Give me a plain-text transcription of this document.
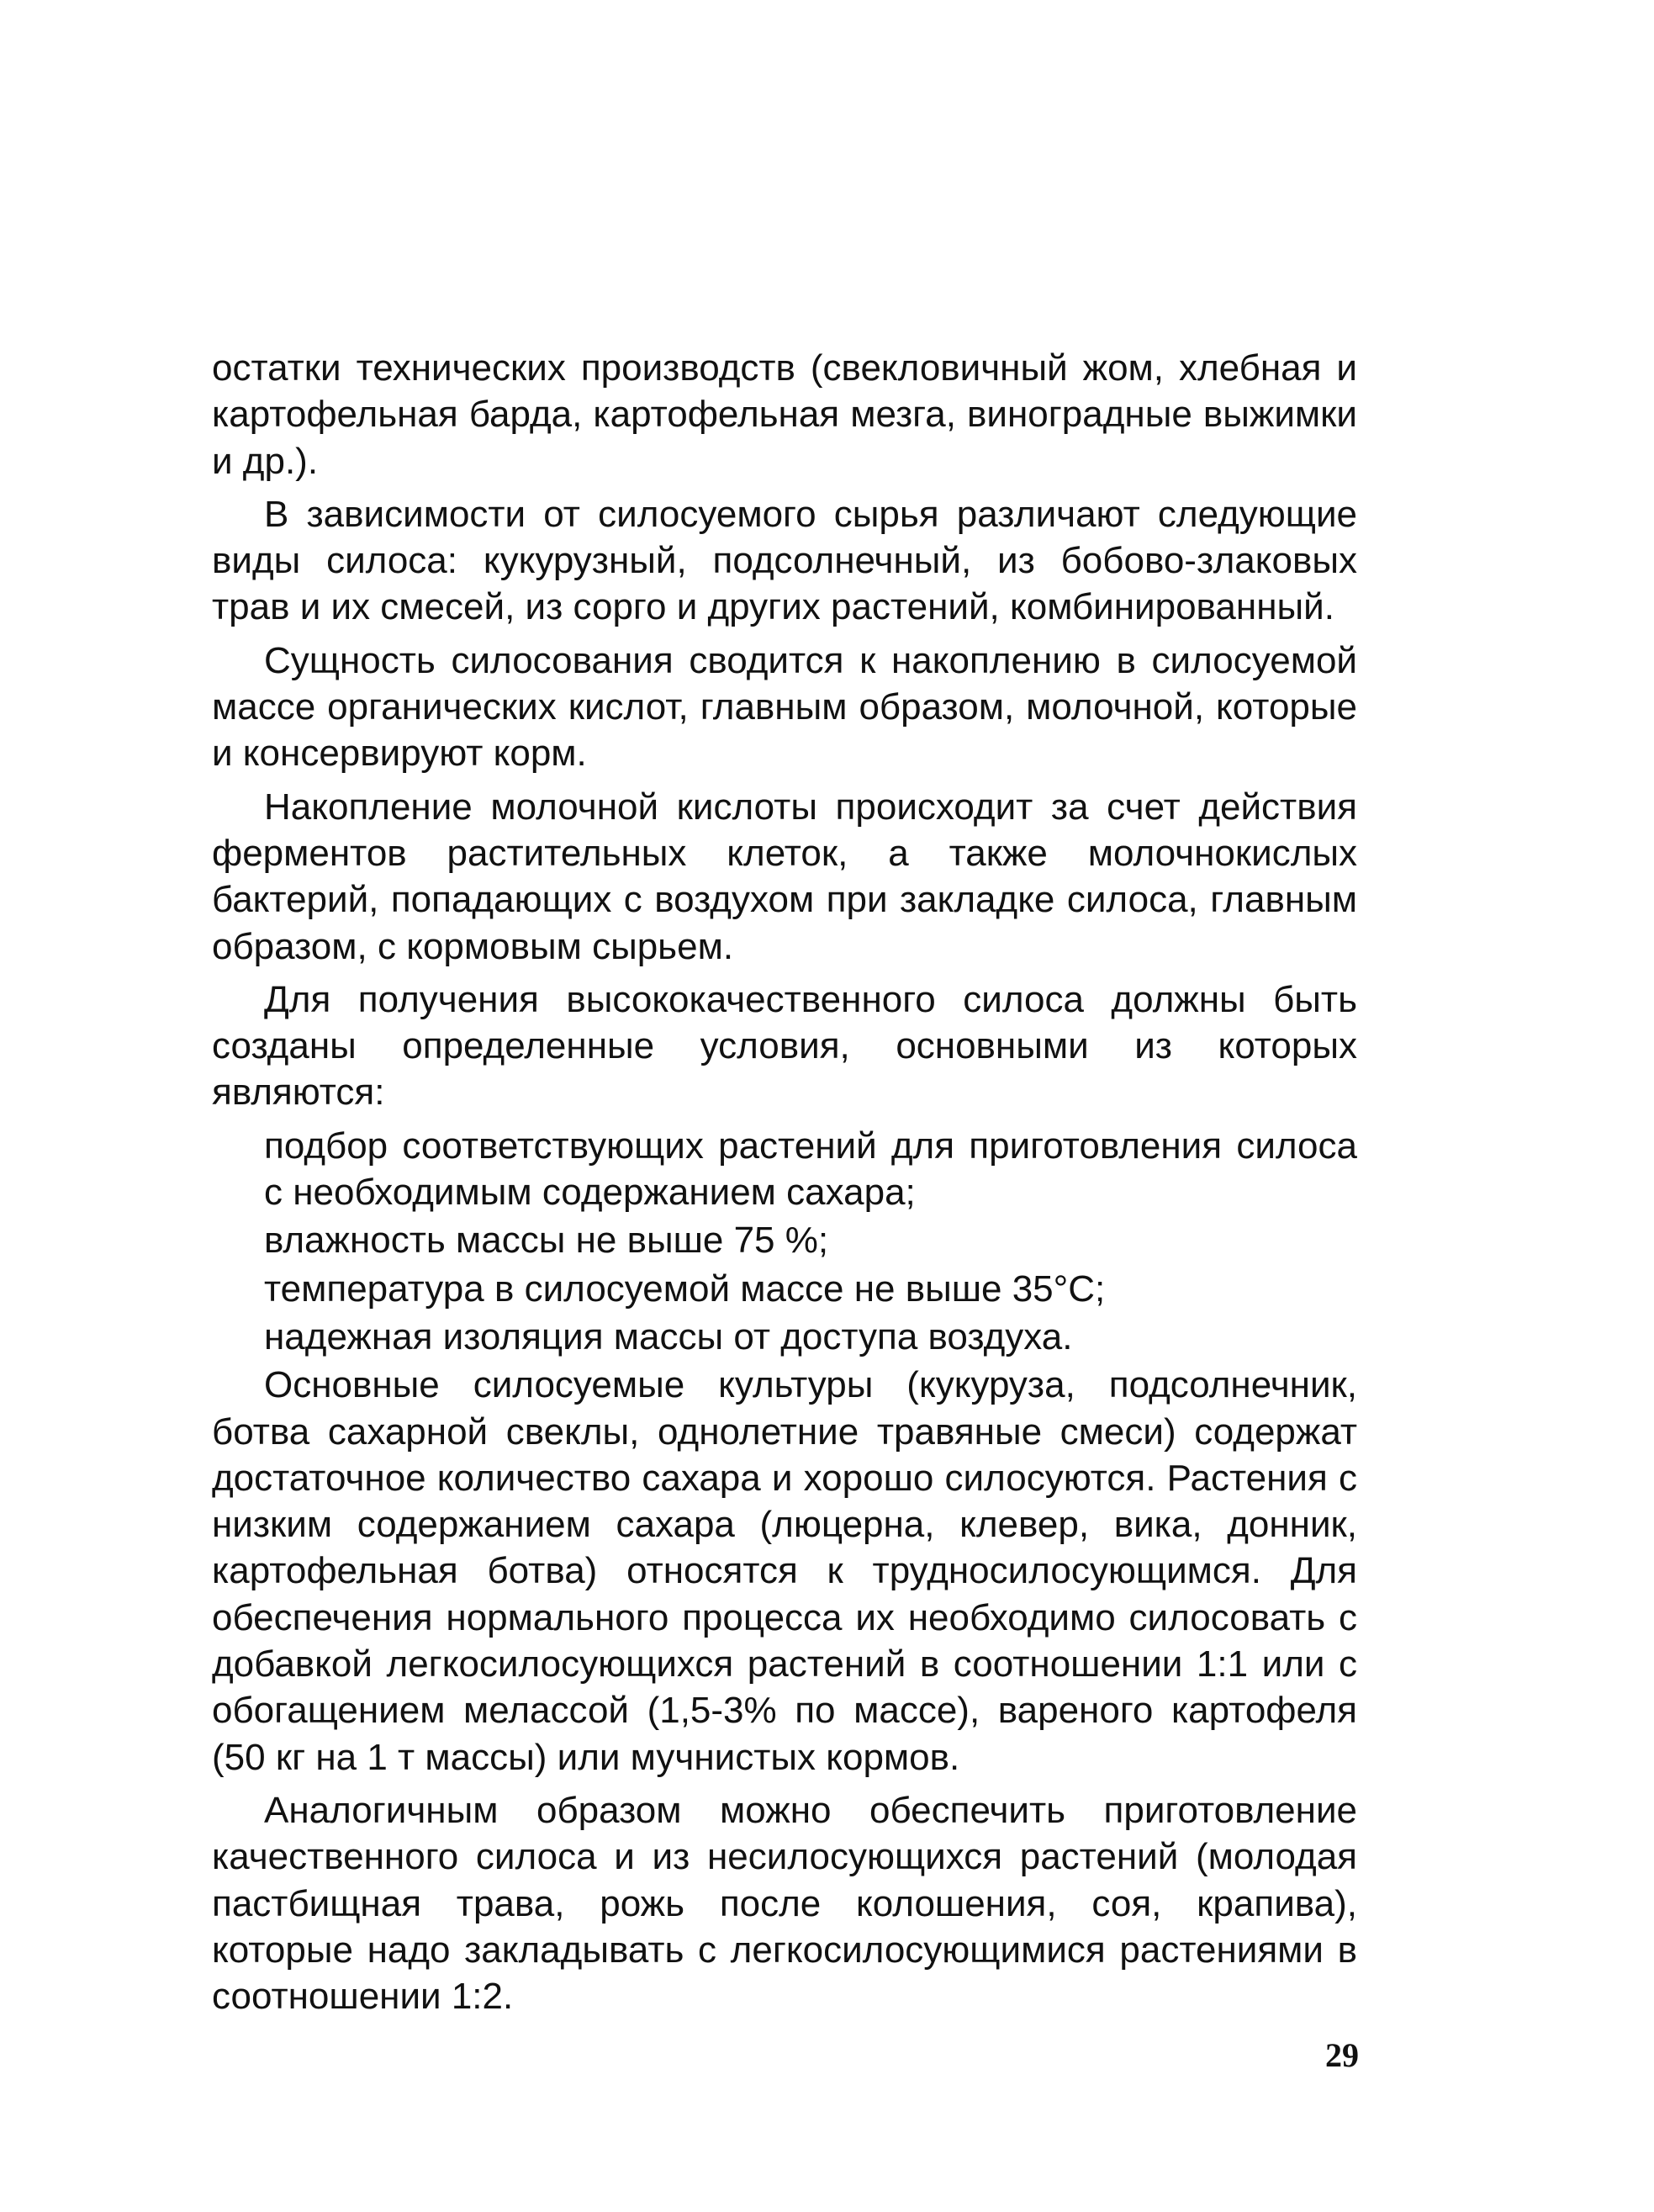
остатки технических производств (свекловичный жом, хлебная и картофельная барда, картофельная мезга, виноградные выжимки и др.).

В зависимости от силосуемого сырья различают следующие виды силоса: кукурузный, подсолнечный, из бобово-злаковых трав и их смесей, из сорго и других растений, комбинированный.

Сущность силосования сводится к накоплению в силосуемой массе органических кислот, главным образом, молочной, которые и консервируют корм.

Накопление молочной кислоты происходит за счет действия ферментов растительных клеток, а также молочнокислых бактерий, попадающих с воздухом при закладке силоса, главным образом, с кормовым сырьем.

Для получения высококачественного силоса должны быть созданы определенные условия, основными из которых являются:

подбор соответствующих растений для приготовления силоса с необходимым содержанием сахара;

влажность массы не выше 75 %;

температура в силосуемой массе не выше 35°С;

надежная изоляция массы от доступа воздуха.

Основные силосуемые культуры (кукуруза, подсолнечник, ботва сахарной свеклы, однолетние травяные смеси) содержат достаточное количество сахара и хорошо силосуются. Растения с низким содержанием сахара (люцерна, клевер, вика, донник, картофельная ботва) относятся к трудносилосующимся. Для обеспечения нормального процесса их необходимо силосовать с добавкой легкосилосующихся растений в соотношении 1:1 или с обогащением мелассой (1,5-3% по массе), вареного картофеля (50 кг на 1 т массы) или мучнистых кормов.

Аналогичным образом можно обеспечить приготовление качественного силоса и из несилосующихся растений (молодая пастбищная трава, рожь после колошения, соя, крапива), которые надо закладывать с легкосилосующимися растениями в соотношении 1:2.

29
